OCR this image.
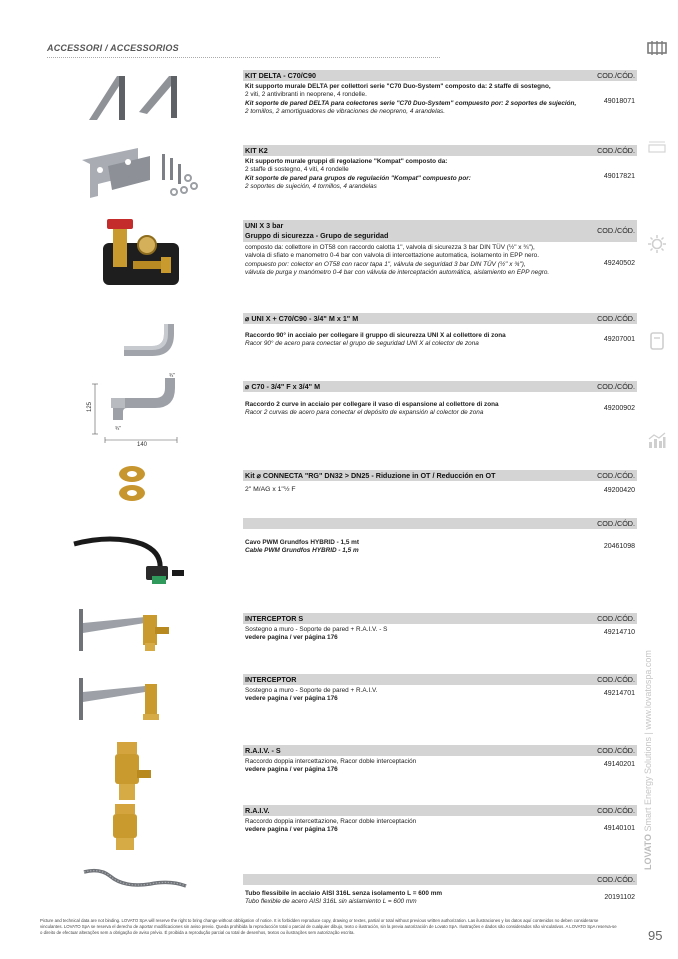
ACCESSORI / ACCESSORIOS
LOVATO Smart Energy Solutions | www.lovatospa.com
KIT DELTA - C70/C90	COD./CÓD.
Kit supporto murale DELTA per collettori serie "C70 Duo-System" composto da: 2 staffe di sostegno,
2 viti, 2 antivibranti in neoprene, 4 rondelle.
Kit soporte de pared DELTA para colectores serie "C70 Duo-System" compuesto por: 2 soportes de sujeción,
2 tornillos, 2 amortiguadores de vibraciones de neopreno, 4 arandelas.
49018071
KIT K2	COD./CÓD.
Kit supporto murale gruppi di regolazione "Kompat" composto da:
2 staffe di sostegno, 4 viti, 4 rondelle
Kit soporte de pared para grupos de regulación "Kompat" compuesto por:
2 soportes de sujeción, 4 tornillos, 4 arandelas
49017821
UNI X 3 bar
Gruppo di sicurezza - Grupo de seguridad
COD./CÓD.
composto da: collettore in OT58 con raccordo calotta 1", valvola di sicurezza 3 bar DIN TÜV (½" x ¾"),
valvola di sfiato e manometro 0-4 bar con valvola di intercettazione automatica, isolamento in EPP nero.
compuesto por: colector en OT58 con racor tapa 1", válvula de seguridad 3 bar DIN TÜV (½" x ¾"),
válvula de purga y manómetro 0-4 bar con válvula de interceptación automática, aislamiento en EPP negro.
49240502
⌀ UNI X + C70/C90 - 3/4" M x 1" M	COD./CÓD.
Raccordo 90° in acciaio per collegare il gruppo di sicurezza UNI X al collettore di zona
Racor 90° de acero para conectar el grupo de seguridad UNI X al colector de zona
49207001
125
140
¾"
¾"
⌀ C70 - 3/4" F x 3/4" M	COD./CÓD.
Raccordo 2 curve in acciaio per collegare il vaso di espansione al collettore di zona
Racor 2 curvas de acero para conectar el depósito de expansión al colector de zona
49200902
Kit ⌀ CONNECTA "RG" DN32 > DN25 - Riduzione in OT / Reducción en OT	COD./CÓD.
2" M/AG x 1"½ F	49200420
COD./CÓD.
Cavo PWM Grundfos HYBRID - 1,5 mt
Cable PWM Grundfos HYBRID - 1,5 m
20461098
INTERCEPTOR S	COD./CÓD.
Sostegno a muro - Soporte de pared + R.A.I.V. - S
vedere pagina / ver página 176
49214710
INTERCEPTOR	COD./CÓD.
Sostegno a muro - Soporte de pared + R.A.I.V.
vedere pagina / ver página 176
49214701
R.A.I.V. - S	COD./CÓD.
Raccordo doppia intercettazione, Racor doble interceptación
vedere pagina / ver página 176
49140201
R.A.I.V.	COD./CÓD.
Raccordo doppia intercettazione, Racor doble interceptación
vedere pagina / ver página 176	49140101
COD./CÓD.
Tubo flessibile in acciaio AISI 316L senza isolamento L = 600 mm
Tubo flexible de acero AISI 316L sin aislamiento L = 600 mm
20191102
Picture and technical data are not binding. LOVATO SpA will reserve the right to bring change without obbligation of notice. It is forbidden reproduce copy, drawing or textes, partial or total without previous written authorization. Las ilustraciones y los datos aquí contenidos no deben considerarse
vinculantes. LOVATO SpA se reserva el derecho de aportar modificaciones sin aviso previo. Queda prohibida la reproducción total o parcial de cualquier dibujo, texto o ilustración, sin la previa autorización de Lovato SpA. Ilustrações e dados são considerados não vinculativos. A LOVATO SpA reserva-se
o direito de efectuar alterações sem a obrigação de aviso prévio. É proibida a reprodução parcial ou total de desenhos, textos ou ilustrações sem autorização escrita.	95
